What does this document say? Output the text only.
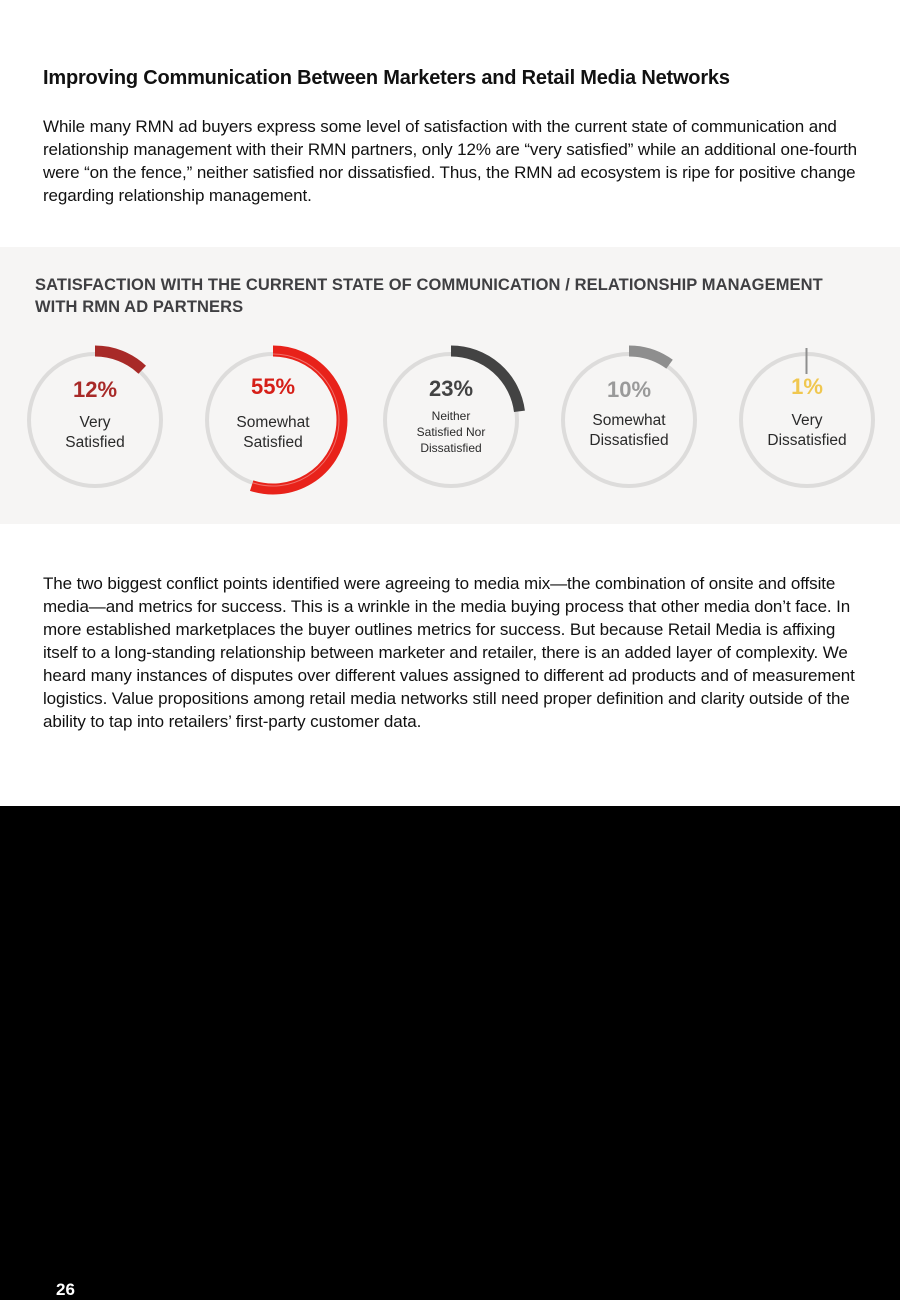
Improving Communication Between Marketers and Retail Media Networks
While many RMN ad buyers express some level of satisfaction with the current state of communication and relationship management with their RMN partners, only 12% are “very satisfied” while an additional one-fourth were “on the fence,” neither satisfied nor dissatisfied. Thus, the RMN ad ecosystem is ripe for positive change regarding relationship management.
SATISFACTION WITH THE CURRENT STATE OF COMMUNICATION / RELATIONSHIP MANAGEMENT WITH RMN AD PARTNERS
12%
Very
Satisfied
55%
Somewhat
Satisfied
23%
Neither
Satisfied Nor
Dissatisfied
10%
Somewhat
Dissatisfied
1%
Very
Dissatisfied
The two biggest conflict points identified were agreeing to media mix—the combination of onsite and offsite media—and metrics for success. This is a wrinkle in the media buying process that other media don’t face. In more established marketplaces the buyer outlines metrics for success. But because Retail Media is affixing itself to a long-standing relationship between marketer and retailer, there is an added layer of complexity. We heard many instances of disputes over different values assigned to different ad products and of measurement logistics. Value propositions among retail media networks still need proper definition and clarity outside of the ability to tap into retailers’ first-party customer data.
26
